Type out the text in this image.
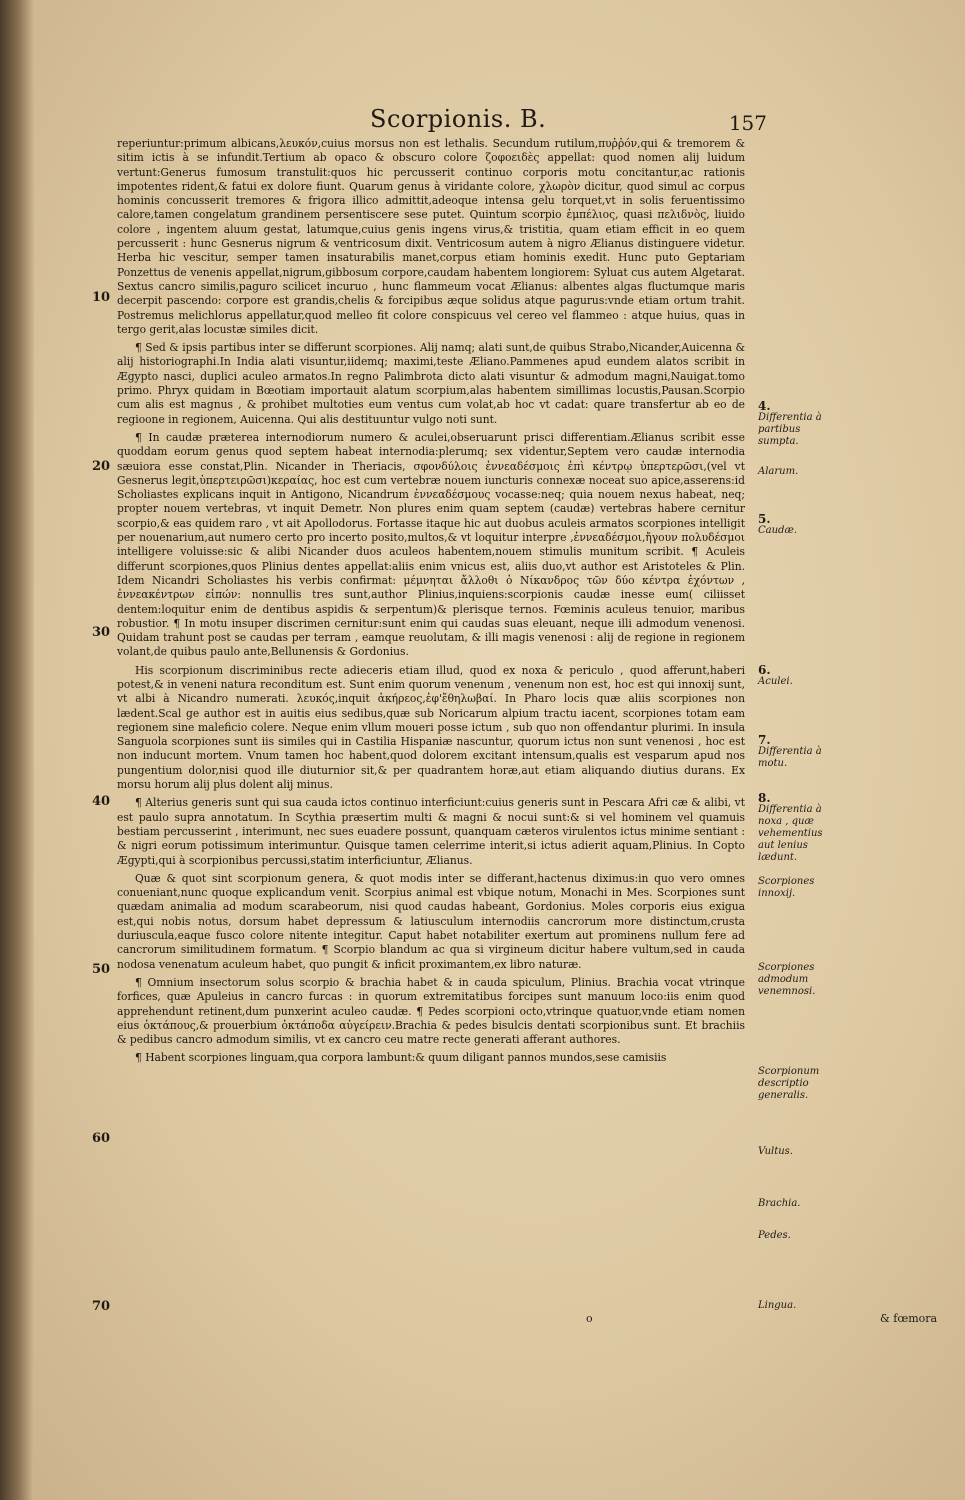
Scorpionis. B.	157

reperiuntur:primum albicans,λευκόν,cuius morsus non est lethalis. Secundum rutilum,πυῤῥόν,qui & tremorem & sitim ictis à se infundit.Tertium ab opaco & obscuro colore ζοφοειδὲς appellat: quod nomen alij luidum vertunt:Generus fumosum transtulit:quos hic percusserit continuo corporis motu concitantur,ac rationis impotentes rident,& fatui ex dolore fiunt. Quarum genus à viridante colore, χλωρὸν dicitur, quod simul ac corpus hominis concusserit tremores & frigora illico admittit,adeoque intensa gelu torquet,vt in solis feruentissimo calore,tamen congelatum grandinem persentiscere sese putet. Quintum scorpio ἐμπέλιος, quasi πελιδνὸς, liuido colore , ingentem aluum gestat, latumque,cuius genis ingens virus,& tristitia, quam etiam efficit in eo quem percusserit : hunc Gesnerus nigrum & ventricosum dixit. Ventricosum autem à nigro Ælianus distinguere videtur. Herba hic vescitur, semper tamen insaturabilis manet,corpus etiam hominis exedit. Hunc puto Geptariam Ponzettus de venenis appellat,nigrum,gibbosum corpore,caudam habentem longiorem: Syluat cus autem Algetarat. Sextus cancro similis,paguro scilicet incuruo , hunc flammeum vocat Ælianus: albentes algas fluctumque maris decerpit pascendo: corpore est grandis,chelis & forcipibus æque solidus atque pagurus:vnde etiam ortum trahit. Postremus melichlorus appellatur,quod melleo fit colore conspicuus vel cereo vel flammeo : atque huius, quas in tergo gerit,alas locustæ similes dicit.

¶ Sed & ipsis partibus inter se differunt scorpiones. Alij namq; alati sunt,de quibus Strabo,Nicander,Auicenna & alij historiographi.In India alati visuntur,iidemq; maximi,teste Æliano.Pammenes apud eundem alatos scribit in Ægypto nasci, duplici aculeo armatos.In regno Palimbrota dicto alati visuntur & admodum magni,Nauigat.tomo primo. Phryx quidam in Bœotiam importauit alatum scorpium,alas habentem simillimas locustis,Pausan.Scorpio cum alis est magnus , & prohibet multoties eum ventus cum volat,ab hoc vt cadat: quare transfertur ab eo de regioone in regionem, Auicenna. Qui alis destituuntur vulgo noti sunt.

¶ In caudæ præterea internodiorum numero & aculei,obseruarunt prisci differentiam.Ælianus scribit esse quoddam eorum genus quod septem habeat internodia:plerumq; sex videntur,Septem vero caudæ internodia sæuiora esse constat,Plin. Nicander in Theriacis, σφονδύλοις ἐννεαδέσμοις ἐπὶ κέντρῳ ὑπερτερῶσι,(vel vt Gesnerus legit,ὑπερτειρῶσι)κεραίας, hoc est cum vertebræ nouem iuncturis connexæ noceat suo apice,asserens:id Scholiastes explicans inquit in Antigono, Nicandrum ἐννεαδέσμους vocasse:neq; quia nouem nexus habeat, neq; propter nouem vertebras, vt inquit Demetr. Non plures enim quam septem (caudæ) vertebras habere cernitur scorpio,& eas quidem raro , vt ait Apollodorus. Fortasse itaque hic aut duobus aculeis armatos scorpiones intelligit per nouenarium,aut numero certo pro incerto posito,multos,& vt loquitur interpre ,ἐννεαδέσμοι,ἤγουν πολυδέσμοι intelligere voluisse:sic & alibi Nicander duos aculeos habentem,nouem stimulis munitum scribit. ¶ Aculeis differunt scorpiones,quos Plinius dentes appellat:aliis enim vnicus est, aliis duo,vt author est Aristoteles & Plin. Idem Nicandri Scholiastes his verbis confirmat: μέμνηται ἄλλοθι ὁ Νίκανδρος τῶν δύο κέντρα ἐχόντων , ἐννεακέντρων εἰπών: nonnullis tres sunt,author Plinius,inquiens:scorpionis caudæ inesse eum( ciliisset dentem:loquitur enim de dentibus aspidis & serpentum)& plerisque ternos. Fœminis aculeus tenuior, maribus robustior. ¶ In motu insuper discrimen cernitur:sunt enim qui caudas suas eleuant, neque illi admodum venenosi. Quidam trahunt post se caudas per terram , eamque reuolutam, & illi magis venenosi : alij de regione in regionem volant,de quibus paulo ante,Bellunensis & Gordonius.

His scorpionum discriminibus recte adieceris etiam illud, quod ex noxa & periculo , quod afferunt,haberi potest,& in veneni natura reconditum est. Sunt enim quorum venenum , venenum non est, hoc est qui innoxij sunt, vt albi à Nicandro numerati. λευκός,inquit ἀκήρεος,ἐφ'ἔθηλωβαί. In Pharo locis quæ aliis scorpiones non lædent.Scal ge author est in auitis eius sedibus,quæ sub Noricarum alpium tractu iacent, scorpiones totam eam regionem sine maleficio colere. Neque enim vllum moueri posse ictum , sub quo non offendantur plurimi. In insula Sanguola scorpiones sunt iis similes qui in Castilia Hispaniæ nascuntur, quorum ictus non sunt venenosi , hoc est non inducunt mortem. Vnum tamen hoc habent,quod dolorem excitant intensum,qualis est vesparum apud nos pungentium dolor,nisi quod ille diuturnior sit,& per quadrantem horæ,aut etiam aliquando diutius durans. Ex morsu horum alij plus dolent alij minus.

¶ Alterius generis sunt qui sua cauda ictos continuo interficiunt:cuius generis sunt in Pescara Afri cæ & alibi, vt est paulo supra annotatum. In Scythia præsertim multi & magni & nocui sunt:& si vel hominem vel quamuis bestiam percusserint , interimunt, nec sues euadere possunt, quanquam cæteros virulentos ictus minime sentiant : & nigri eorum potissimum interimuntur. Quisque tamen celerrime interit,si ictus adierit aquam,Plinius. In Copto Ægypti,qui à scorpionibus percussi,statim interficiuntur, Ælianus.

Quæ & quot sint scorpionum genera, & quot modis inter se differant,hactenus diximus:in quo vero omnes conueniant,nunc quoque explicandum venit. Scorpius animal est vbique notum, Monachi in Mes. Scorpiones sunt quædam animalia ad modum scarabeorum, nisi quod caudas habeant, Gordonius. Moles corporis eius exigua est,qui nobis notus, dorsum habet depressum & latiusculum internodiis cancrorum more distinctum,crusta duriuscula,eaque fusco colore nitente integitur. Caput habet notabiliter exertum aut prominens nullum fere ad cancrorum similitudinem formatum. ¶ Scorpio blandum ac qua si virgineum dicitur habere vultum,sed in cauda nodosa venenatum aculeum habet, quo pungit & inficit proximantem,ex libro naturæ.

¶ Omnium insectorum solus scorpio & brachia habet & in cauda spiculum, Plinius. Brachia vocat vtrinque forfices, quæ Apuleius in cancro furcas : in quorum extremitatibus forcipes sunt manuum loco:iis enim quod apprehendunt retinent,dum punxerint aculeo caudæ. ¶ Pedes scorpioni octo,vtrinque quatuor,vnde etiam nomen eius ὀκτάπους,& prouerbium ὀκτάποδα αὐγείρειν.Brachia & pedes bisulcis dentati scorpionibus sunt. Et brachiis & pedibus cancro admodum similis, vt ex cancro ceu matre recte generati afferant authores.

¶ Habent scorpiones linguam,qua corpora lambunt:& quum diligant pannos mundos,sese camisiis

10
20
30
40
50
60
70
4.
Differentia à partibus sumpta.
Alarum.
5.
Caudæ.
6.
Aculei.
7.
Differentia à motu.
8.
Differentia à noxa , quæ vehementius aut lenius lædunt.
Scorpiones innoxij.
Scorpiones admodum venemnosi.
Scorpionum descriptio generalis.
Vultus.
Brachia.
Pedes.
Lingua.
o	& fœmora
